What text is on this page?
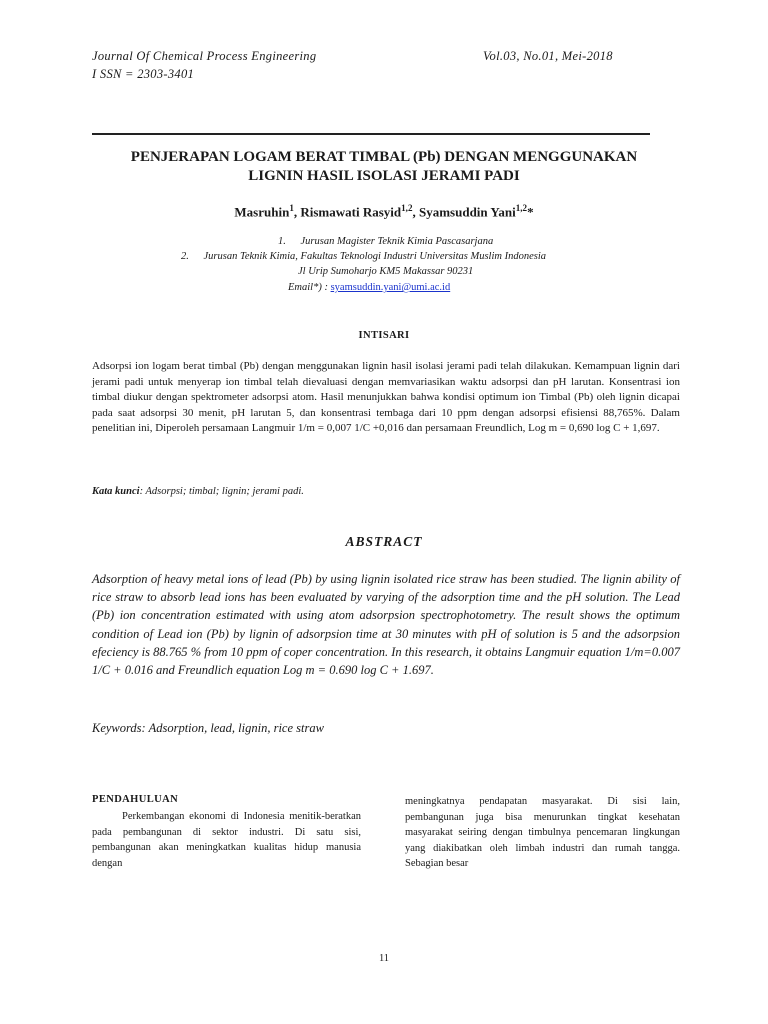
Journal Of Chemical Process Engineering	Vol.03, No.01, Mei-2018
I SSN = 2303-3401
PENJERAPAN LOGAM BERAT TIMBAL (Pb) DENGAN MENGGUNAKAN
LIGNIN HASIL ISOLASI JERAMI PADI
Masruhin$^1$, Rismawati Rasyid$^{1,2}$, Syamsuddin Yani$^{1,2}$*
1. Jurusan Magister Teknik Kimia Pascasarjana
2. Jurusan Teknik Kimia, Fakultas Teknologi Industri Universitas Muslim Indonesia
Jl Urip Sumoharjo KM5 Makassar 90231
Email*) : syamsuddin.yani@umi.ac.id
INTISARI
Adsorpsi ion logam berat timbal (Pb) dengan menggunakan lignin hasil isolasi jerami padi telah dilakukan. Kemampuan lignin dari jerami padi untuk menyerap ion timbal telah dievaluasi dengan memvariasikan waktu adsorpsi dan pH larutan. Konsentrasi ion timbal diukur dengan spektrometer adsorpsi atom. Hasil menunjukkan bahwa kondisi optimum ion Timbal (Pb) oleh lignin dicapai pada saat adsorpsi 30 menit, pH larutan 5, dan konsentrasi tembaga dari 10 ppm dengan adsorpsi efisiensi 88,765%. Dalam penelitian ini, Diperoleh persamaan Langmuir 1/m = 0,007 1/C +0,016 dan persamaan Freundlich, Log m = 0,690 log C + 1,697.
Kata kunci: Adsorpsi; timbal; lignin; jerami padi.
ABSTRACT
Adsorption of heavy metal ions of lead (Pb) by using lignin isolated rice straw has been studied. The lignin ability of rice straw to absorb lead ions has been evaluated by varying of the adsorption time and the pH solution. The Lead (Pb) ion concentration estimated with using atom adsorpsion spectrophotometry. The result shows the optimum condition of Lead ion (Pb) by lignin of adsorpsion time at 30 minutes with pH of solution is 5 and the adsorpsion efeciency is 88.765 % from 10 ppm of coper concentration. In this research, it obtains Langmuir equation 1/m=0.007 1/C + 0.016 and Freundlich equation Log m = 0.690 log C + 1.697.
Keywords: Adsorption, lead, lignin, rice straw
PENDAHULUAN
Perkembangan ekonomi di Indonesia menitik-beratkan pada pembangunan di sektor industri. Di satu sisi, pembangunan akan meningkatkan kualitas hidup manusia dengan
meningkatnya pendapatan masyarakat. Di sisi lain, pembangunan juga bisa menurunkan tingkat kesehatan masyarakat seiring dengan timbulnya pencemaran lingkungan yang diakibatkan oleh limbah industri dan rumah tangga. Sebagian besar
11
